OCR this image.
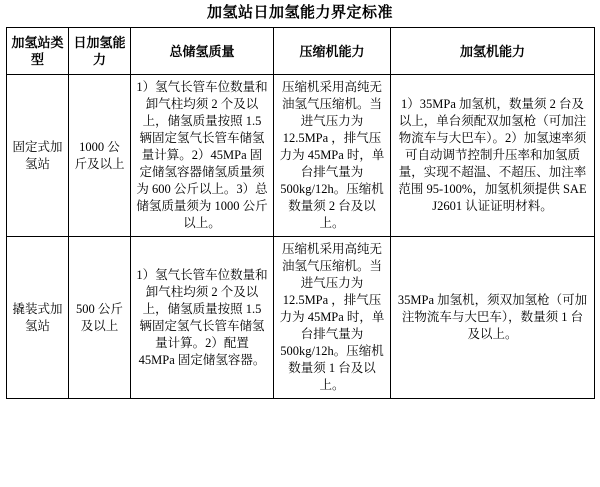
加氢站日加氢能力界定标准
加氢站类型	日加氢能力	总储氢质量	压缩机能力	加氢机能力
固定式加氢站	1000 公斤及以上	1）氢气长管车位数量和卸气柱均须 2 个及以上，储氢质量按照 1.5 辆固定氢气长管车储氢量计算。2）45MPa 固定储氢容器储氢质量须为 600 公斤以上。3）总储氢质量须为 1000 公斤以上。	压缩机采用高纯无油氢气压缩机。当进气压力为 12.5MPa ，排气压力为 45MPa 时，单台排气量为 500kg/12h。压缩机数量须 2 台及以上。	1）35MPa 加氢机，数量须 2 台及以上，单台须配双加氢枪（可加注物流车与大巴车）。2）加氢速率须可自动调节控制升压率和加氢质量，实现不超温、不超压、加注率范围 95-100%，加氢机须提供 SAE J2601 认证证明材料。
撬装式加氢站	500 公斤及以上	1）氢气长管车位数量和卸气柱均须 2 个及以上，储氢质量按照 1.5 辆固定氢气长管车储氢量计算。2）配置 45MPa 固定储氢容器。	压缩机采用高纯无油氢气压缩机。当进气压力为 12.5MPa ，排气压力为 45MPa 时，单台排气量为 500kg/12h。压缩机数量须 1 台及以上。	35MPa 加氢机，须双加氢枪（可加注物流车与大巴车），数量须 1 台及以上。
